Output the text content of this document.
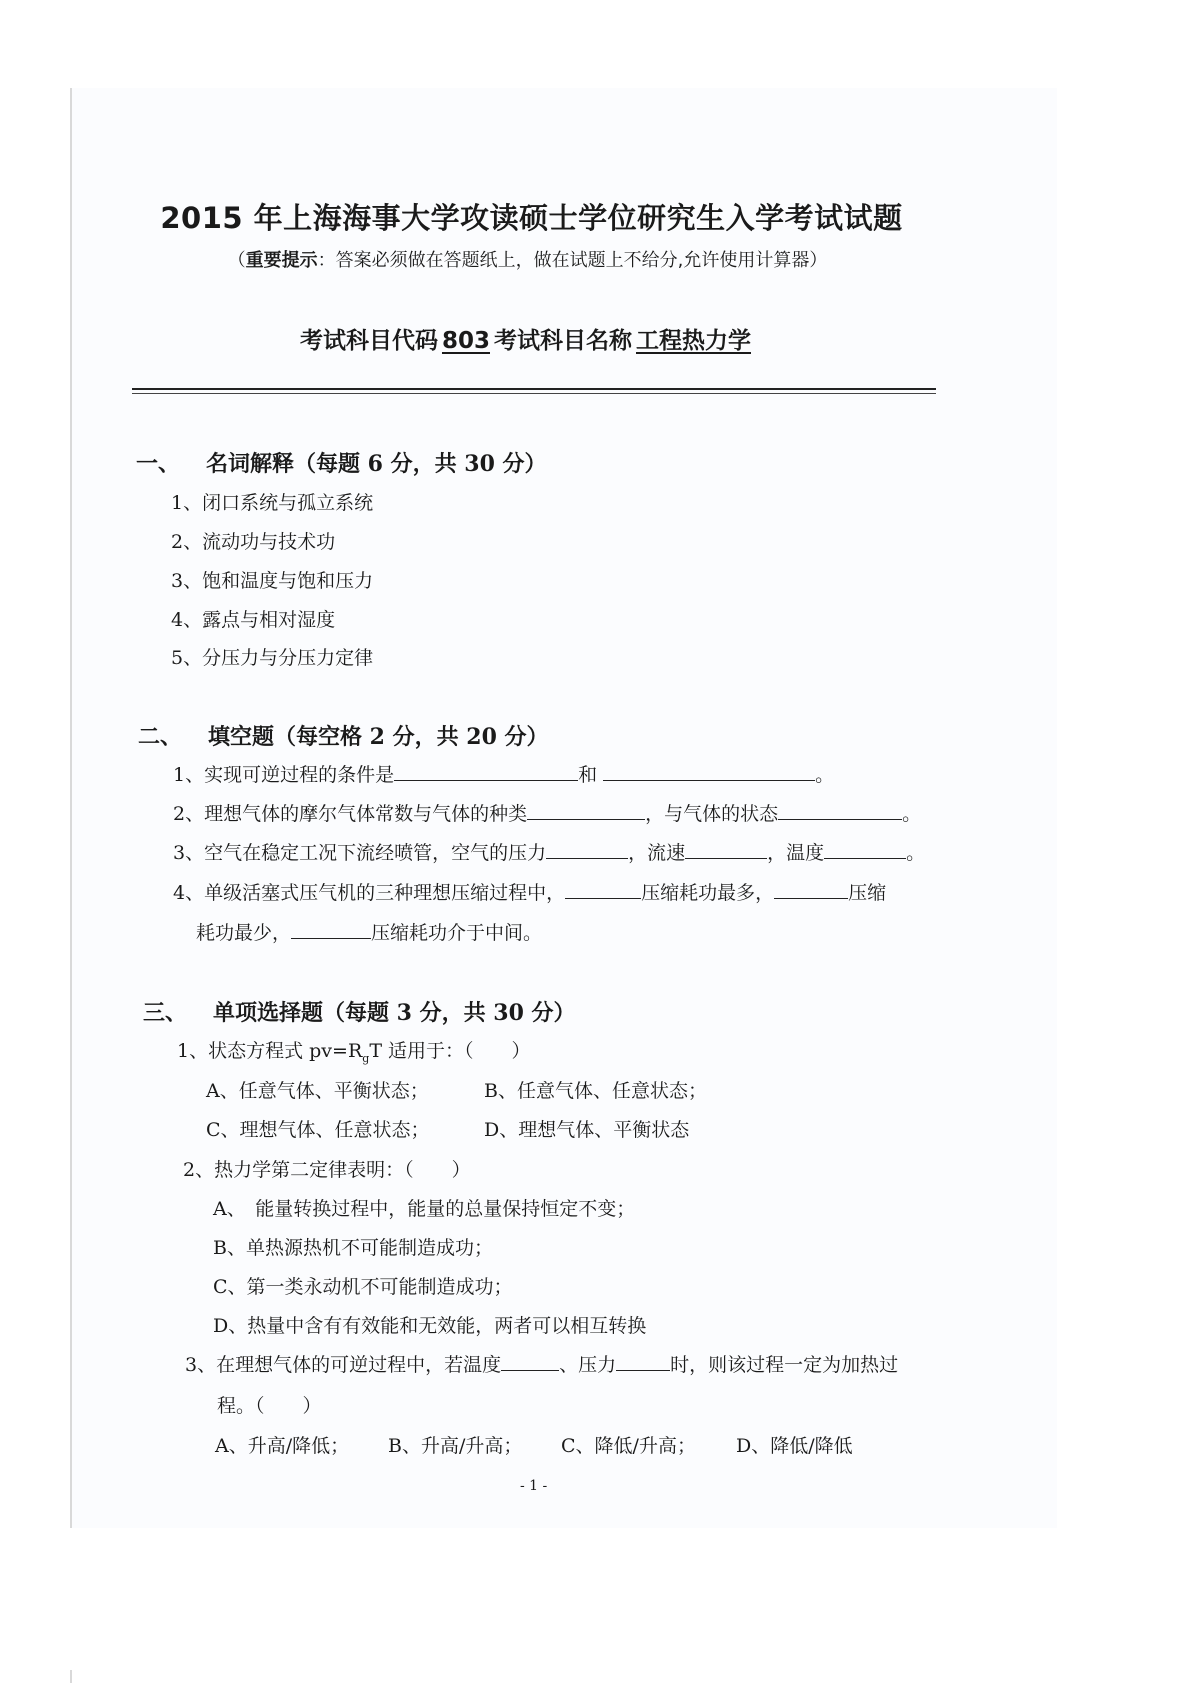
2015 年上海海事大学攻读硕士学位研究生入学考试试题
（重要提示：答案必须做在答题纸上，做在试题上不给分,允许使用计算器）
考试科目代码 803 考试科目名称 工程热力学
一、 名词解释（每题 6 分，共 30 分）
1、闭口系统与孤立系统
2、流动功与技术功
3、饱和温度与饱和压力
4、露点与相对湿度
5、分压力与分压力定律
二、 填空题（每空格 2 分，共 20 分）
1、实现可逆过程的条件是	和	。
2、理想气体的摩尔气体常数与气体的种类	，与气体的状态	。
3、空气在稳定工况下流经喷管，空气的压力	，流速	，温度	。
4、单级活塞式压气机的三种理想压缩过程中，	压缩耗功最多，	压缩
耗功最少，	压缩耗功介于中间。
三、 单项选择题（每题 3 分，共 30 分）
1、状态方程式 $pv=R_gT$ 适用于：（　　）
A、任意气体、平衡状态；	B、任意气体、任意状态；
C、理想气体、任意状态；	D、理想气体、平衡状态
2、热力学第二定律表明：（　　）
A、　能量转换过程中，能量的总量保持恒定不变；
B、单热源热机不可能制造成功；
C、第一类永动机不可能制造成功；
D、热量中含有有效能和无效能，两者可以相互转换
3、在理想气体的可逆过程中，若温度	、压力	时，则该过程一定为加热过
程。（　　）
A、升高/降低； B、升高/升高； C、降低/升高； D、降低/降低
- 1 -
